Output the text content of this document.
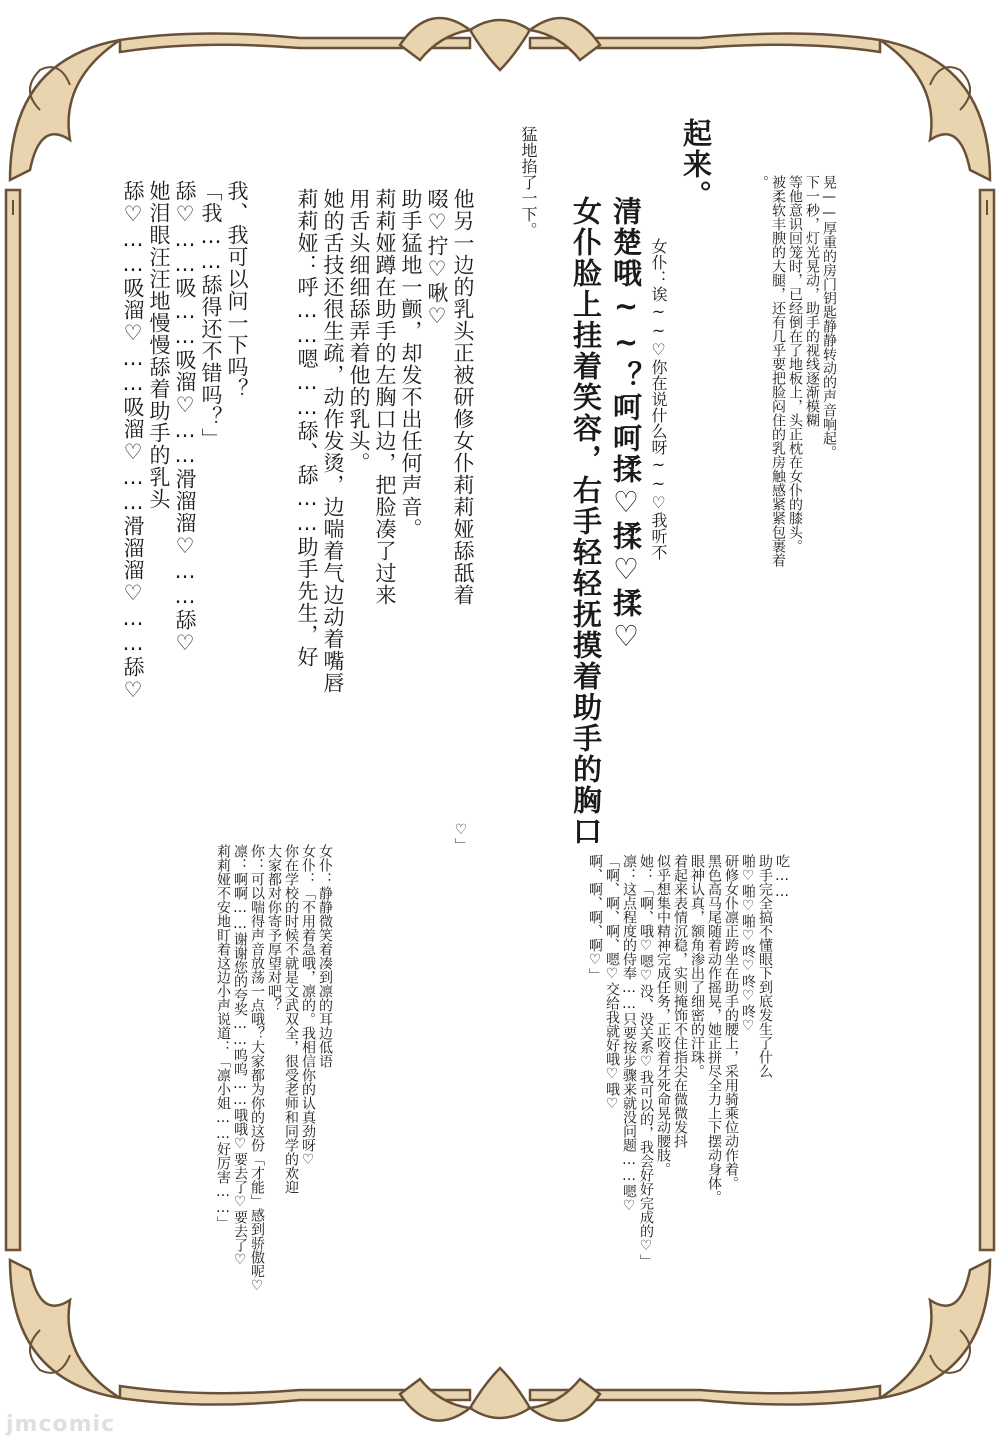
晃——厚重的房门钥匙静静转动的声音响起。
下一秒，灯光晃动，助手的视线逐渐模糊
等他意识回笼时，已经倒在了地板上，头正枕在女仆的膝头。
被柔软丰腴的大腿，还有几乎要把脸闷住的乳房触感紧紧包裹着
。

起来。
女仆：诶~~♡你在说什么呀~~♡我听不

清楚哦~~？呵呵揉♡揉♡揉♡
女仆脸上挂着笑容，右手轻轻抚摸着助手的胸口

猛地掐了一下。

他另一边的乳头正被研修女仆莉莉娅舔舐着
啜♡拧♡啾♡
助手猛地一颤，却发不出任何声音。
莉莉娅蹲在助手的左胸口边，把脸凑了过来
用舌头细细舔弄着他的乳头。
她的舌技还很生疏，动作发烫，边喘着气边动着嘴唇
莉莉娅：呼……嗯……舔、舔……助手先生，好

我、我可以问一下吗？
「我……舔得还不错吗？」
舔♡……吸……吸溜♡……滑溜溜♡……舔♡
她泪眼汪汪地慢慢舔着助手的乳头
舔♡……吸溜♡……吸溜♡……滑溜溜♡……舔♡

吃……
助手完全搞不懂眼下到底发生了什么
啪♡啪♡啪♡咚♡咚♡咚♡
研修女仆凛正跨坐在助手的腰上，采用骑乘位动作着。
黑色高马尾随着动作摇晃，她正拼尽全力上下摆动身体。
眼神认真，额角渗出了细密的汗珠。
着起来表情沉稳，实则掩饰不住指尖在微微发抖
似乎想集中精神完成任务，正咬着牙死命晃动腰肢。
她：「啊、哦♡嗯♡没、没关系♡我可以的，我会好好完成的♡」
凛：这点程度的侍奉……只要按步骤来就没问题……嗯♡
「啊、啊、啊、嗯♡交给我就好哦♡哦♡
啊、啊、啊、啊♡」

♡」

女仆：静静微笑着凑到凛的耳边低语
女仆：「不用着急哦，凛的。我相信你的认真劲呀♡
你在学校的时候不就是文武双全，很受老师和同学的欢迎
大家都对你寄予厚望对吧？
你：可以喘得声音放荡一点哦？大家都为你的这份「才能」感到骄傲呢♡
凛：啊啊……谢谢您的夸奖……呜呜……哦哦♡要去了♡要去了♡
莉莉娅不安地盯着这边小声说道：「凛小姐……好厉害……」

jmcomic
